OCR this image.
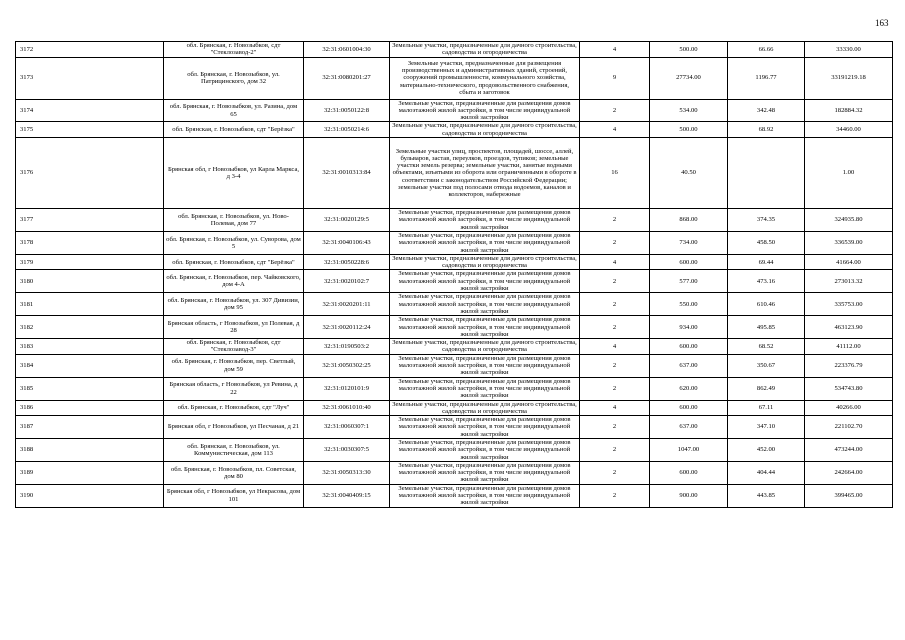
163
3172	обл. Брянская, г. Новозыбков, сдт "Стеклозавод-2"	32:31:0601004:30	Земельные участки, предназначенные для дачного строительства, садоводства и огородничества	4	500.00	66.66	33330.00
3173	обл. Брянская, г. Новозыбков, ул. Патрицинского, дом 32	32:31:0080201:27	Земельные участки, предназначенные для размещения производственных и административных зданий, строений, сооружений промышленности, коммунального хозяйства, материально-технического, продовольственного снабжения, сбыта и заготовок	9	27734.00	1196.77	33191219.18
3174	обл. Брянская, г. Новозыбков, ул. Разина, дом 65	32:31:0050122:8	Земельные участки, предназначенные для размещения домов малоэтажной жилой застройки, в том числе индивидуальной жилой застройки	2	534.00	342.48	182884.32
3175	обл. Брянская, г. Новозыбков, сдт "Берёзка"	32:31:0050214:6	Земельные участки, предназначенные для дачного строительства, садоводства и огородничества	4	500.00	68.92	34460.00
3176	Брянская обл, г Новозыбков, ул Карла Маркса, д 3-4	32:31:0010313:84	Земельные участки улиц, проспектов, площадей, шоссе, аллей, бульваров, застав, переулков, проездов, тупиков; земельные участки земель резерва; земельные участки, занятые водными объектами, изъятыми из оборота или ограниченными в обороте в соответствии с законодательством Российской Федерации; земельные участки под полосами отвода водоемов, каналов и коллекторов, набережные	16	40.50		1.00
3177	обл. Брянская, г. Новозыбков, ул. Ново-Полевая, дом 77	32:31:0020129:5	Земельные участки, предназначенные для размещения домов малоэтажной жилой застройки, в том числе индивидуальной жилой застройки	2	868.00	374.35	324935.80
3178	обл. Брянская, г. Новозыбков, ул. Суворова, дом 5	32:31:0040106:43	Земельные участки, предназначенные для размещения домов малоэтажной жилой застройки, в том числе индивидуальной жилой застройки	2	734.00	458.50	336539.00
3179	обл. Брянская, г. Новозыбков, сдт "Берёзка"	32:31:0050228:6	Земельные участки, предназначенные для дачного строительства, садоводства и огородничества	4	600.00	69.44	41664.00
3180	обл. Брянская, г. Новозыбков, пер. Чайковского, дом 4-А	32:31:0020102:7	Земельные участки, предназначенные для размещения домов малоэтажной жилой застройки, в том числе индивидуальной жилой застройки	2	577.00	473.16	273013.32
3181	обл. Брянская, г. Новозыбков, ул. 307 Дивизии, дом 95	32:31:0020201:11	Земельные участки, предназначенные для размещения домов малоэтажной жилой застройки, в том числе индивидуальной жилой застройки	2	550.00	610.46	335753.00
3182	Брянская область, г Новозыбков, ул Полевая, д 28	32:31:0020112:24	Земельные участки, предназначенные для размещения домов малоэтажной жилой застройки, в том числе индивидуальной жилой застройки	2	934.00	495.85	463123.90
3183	обл. Брянская, г. Новозыбков, сдт "Стеклозавод-3"	32:31:0190503:2	Земельные участки, предназначенные для дачного строительства, садоводства и огородничества	4	600.00	68.52	41112.00
3184	обл. Брянская, г. Новозыбков, пер. Светлый, дом 59	32:31:0050302:25	Земельные участки, предназначенные для размещения домов малоэтажной жилой застройки, в том числе индивидуальной жилой застройки	2	637.00	350.67	223376.79
3185	Брянская область, г Новозыбков, ул Ревина, д 22	32:31:0120101:9	Земельные участки, предназначенные для размещения домов малоэтажной жилой застройки, в том числе индивидуальной жилой застройки	2	620.00	862.49	534743.80
3186	обл. Брянская, г. Новозыбков, сдт "Луч"	32:31:0061010:40	Земельные участки, предназначенные для дачного строительства, садоводства и огородничества	4	600.00	67.11	40266.00
3187	Брянская обл, г Новозыбков, ул Песчаная, д 21	32:31:0060307:1	Земельные участки, предназначенные для размещения домов малоэтажной жилой застройки, в том числе индивидуальной жилой застройки	2	637.00	347.10	221102.70
3188	обл. Брянская, г. Новозыбков, ул. Коммунистическая, дом 113	32:31:0030307:5	Земельные участки, предназначенные для размещения домов малоэтажной жилой застройки, в том числе индивидуальной жилой застройки	2	1047.00	452.00	473244.00
3189	обл. Брянская, г. Новозыбков, пл. Советская, дом 80	32:31:0050313:30	Земельные участки, предназначенные для размещения домов малоэтажной жилой застройки, в том числе индивидуальной жилой застройки	2	600.00	404.44	242664.00
3190	Брянская обл, г Новозыбков, ул Некрасова, дом 101	32:31:0040409:15	Земельные участки, предназначенные для размещения домов малоэтажной жилой застройки, в том числе индивидуальной жилой застройки	2	900.00	443.85	399465.00
